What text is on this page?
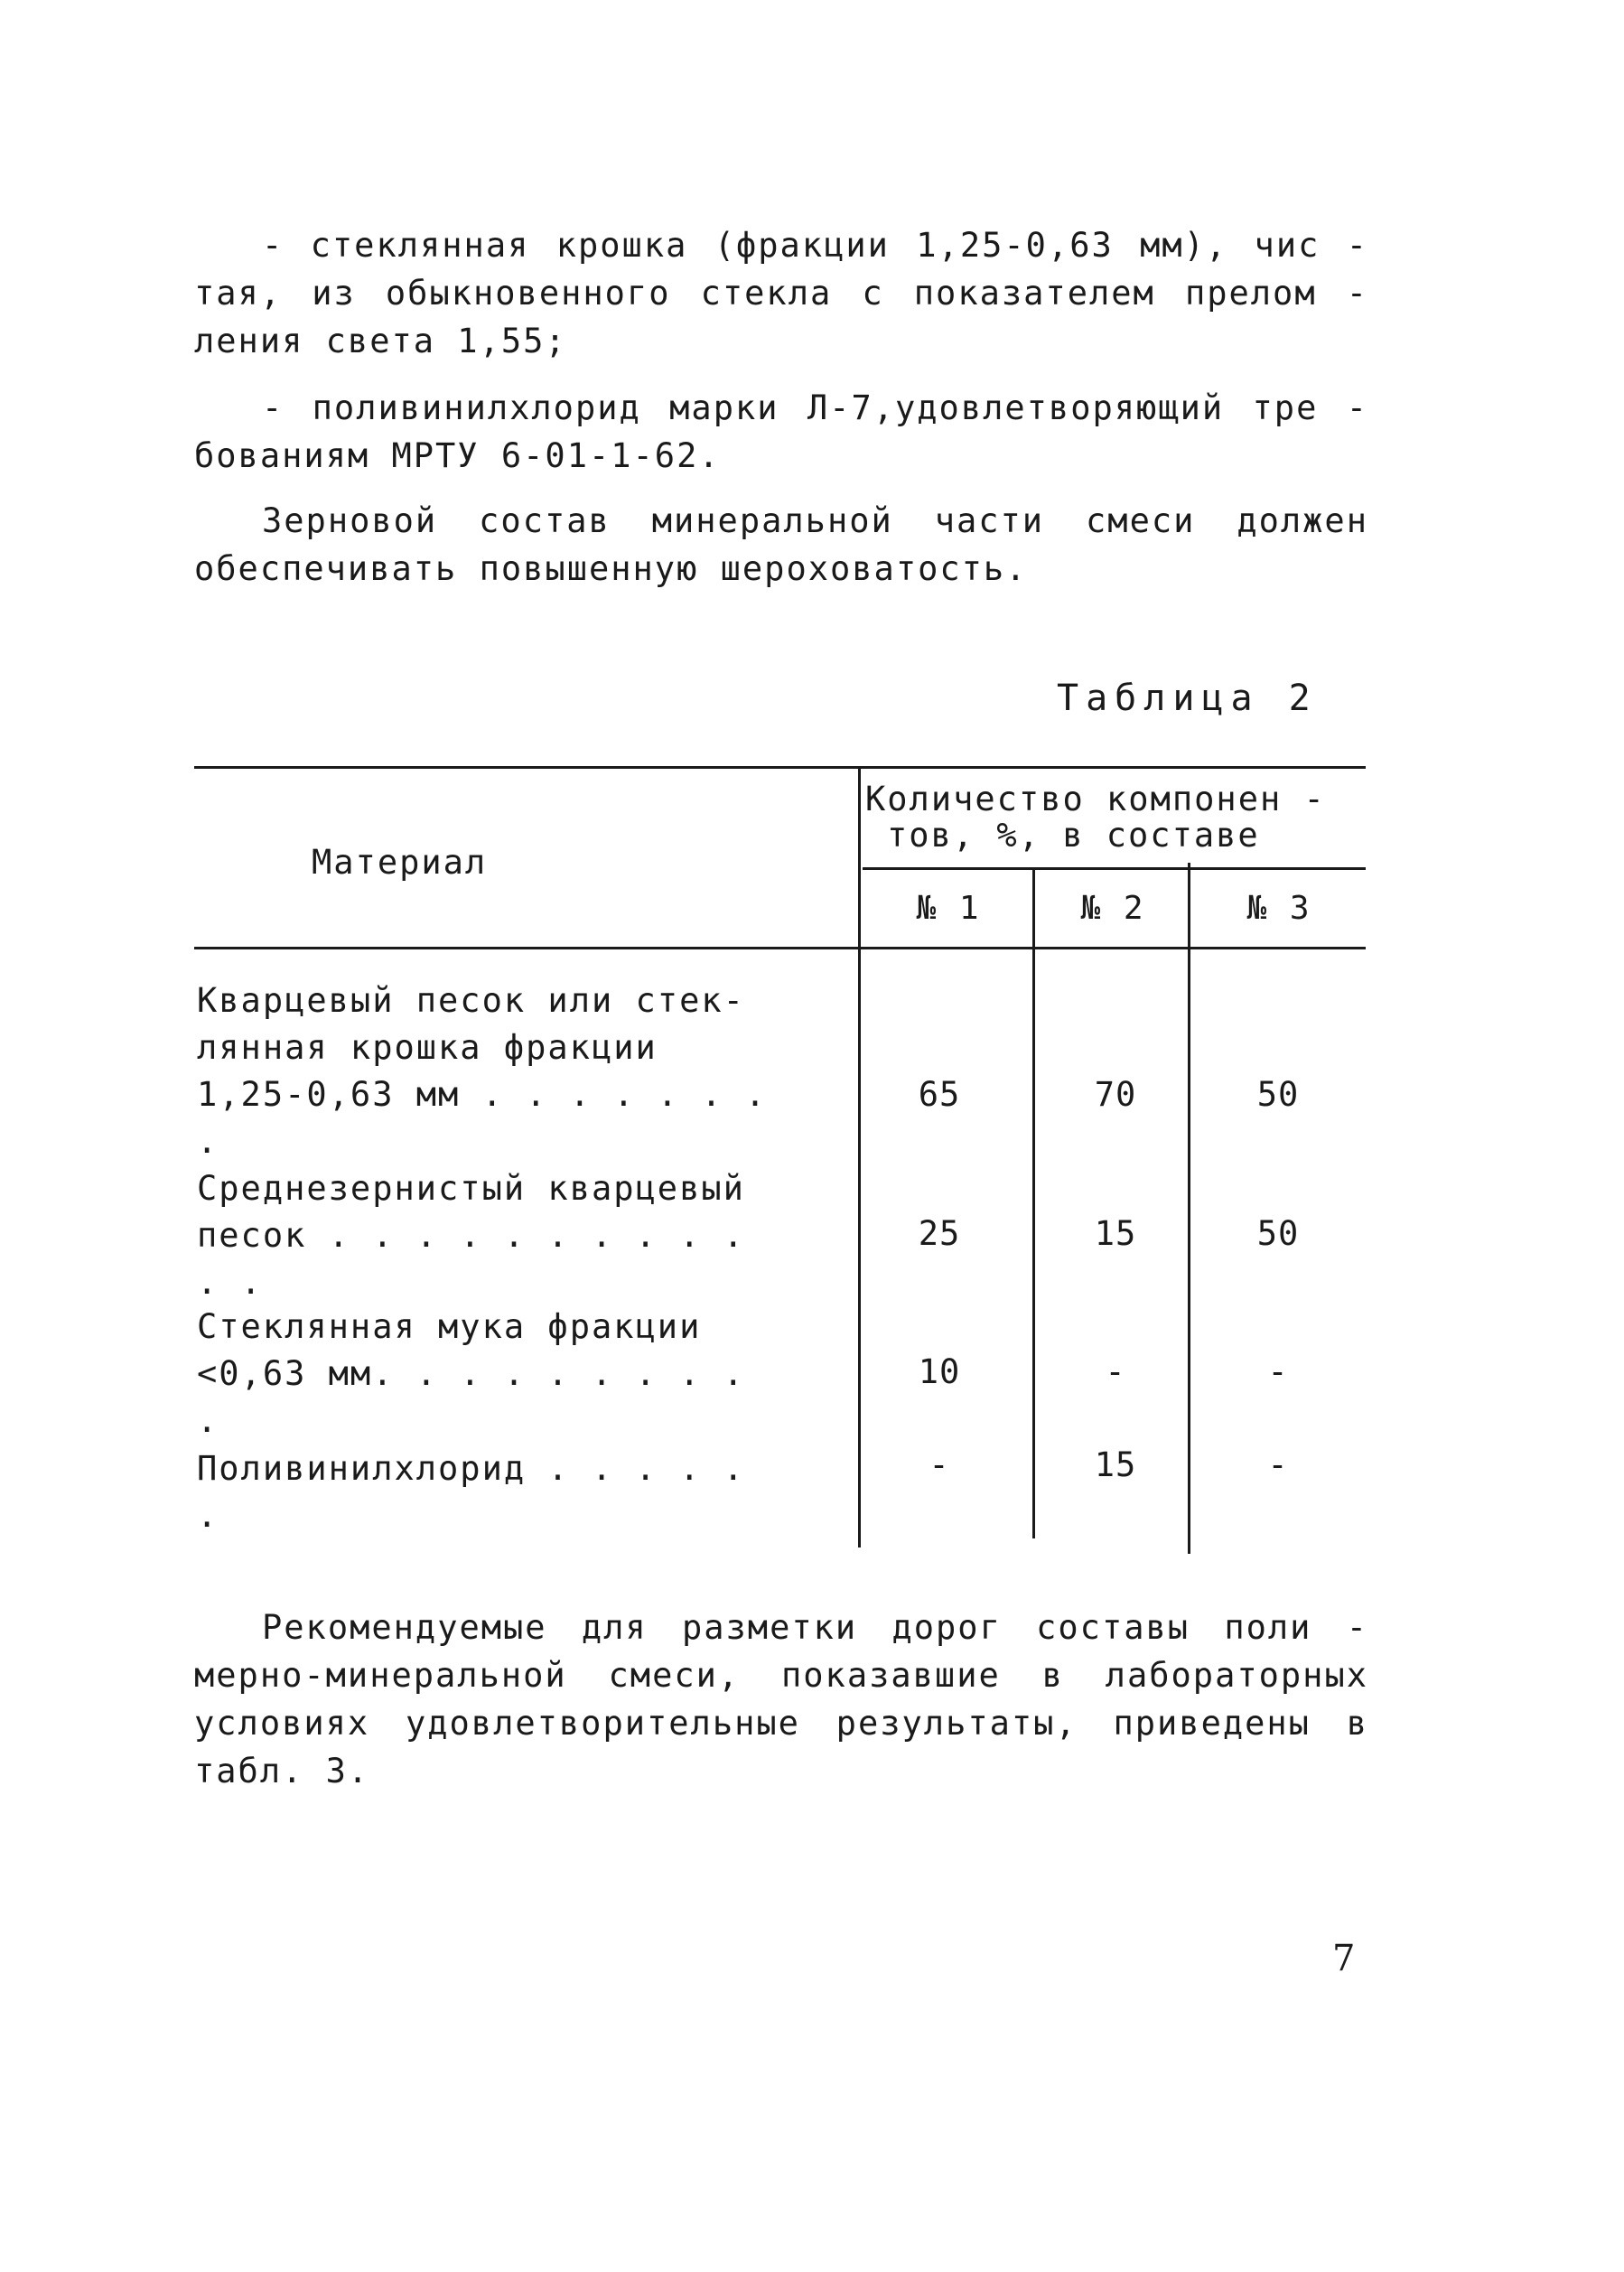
- стеклянная крошка (фракции 1,25-0,63 мм), чис - тая, из обыкновенного стекла с показателем прелом - ления света 1,55;

- поливинилхлорид марки Л-7,удовлетворяющий тре - бованиям МРТУ 6-01-1-62.

Зерновой состав минеральной части смеси должен обеспечивать повышенную шероховатость.

Таблица 2
Материал
Количество компонен -
тов, %, в составе
№ 1	№ 2	№ 3
Кварцевый песок или стек-
лянная крошка фракции
1,25-0,63 мм . . . . . . . .
65	70	50
Среднезернистый кварцевый
песок . . . . . . . . . . . .
25	15	50
Стеклянная мука фракции
<0,63 мм. . . . . . . . . .
10	-	-
Поливинилхлорид . . . . . .
-	15	-

Рекомендуемые для разметки дорог составы поли - мерно-минеральной смеси, показавшие в лабораторных условиях удовлетворительные результаты, приведены в табл. 3.

7
